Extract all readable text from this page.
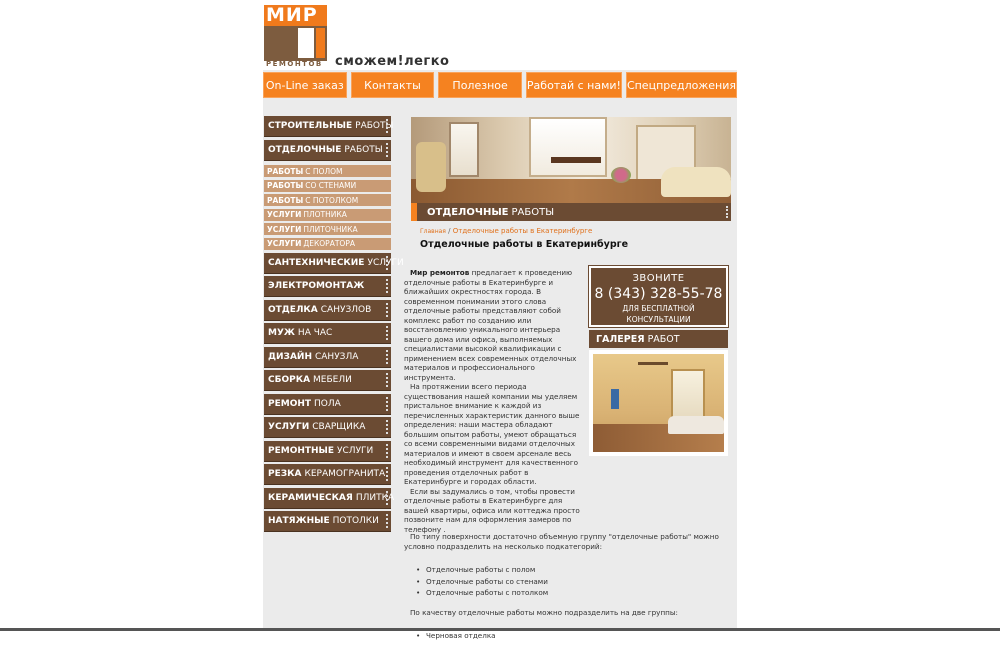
МИР
РЕМОНТОВ сможем!легко
On-Line заказ	Контакты	Полезное	Работай с нами! Спецпредложения
СТРОИТЕЛЬНЫЕ РАБОТЫ
ОТДЕЛОЧНЫЕ РАБОТЫ
РАБОТЫ С ПОЛОМ
РАБОТЫ СО СТЕНАМИ
РАБОТЫ С ПОТОЛКОМ
УСЛУГИ ПЛОТНИКА
УСЛУГИ ПЛИТОЧНИКА
УСЛУГИ ДЕКОРАТОРА
САНТЕХНИЧЕСКИЕ УСЛУГИ
ЭЛЕКТРОМОНТАЖ
ОТДЕЛКА САНУЗЛОВ
МУЖ НА ЧАС
ДИЗАЙН САНУЗЛА
СБОРКА МЕБЕЛИ
РЕМОНТ ПОЛА
УСЛУГИ СВАРЩИКА
РЕМОНТНЫЕ УСЛУГИ
РЕЗКА КЕРАМОГРАНИТА
КЕРАМИЧЕСКАЯ ПЛИТКА
НАТЯЖНЫЕ ПОТОЛКИ
ОТДЕЛОЧНЫЕ РАБОТЫ
Главная / Отделочные работы в Екатеринбурге
Отделочные работы в Екатеринбурге

Мир ремонтов предлагает к проведению отделочные работы в Екатеринбурге и ближайших окрестностях города. В современном понимании этого слова отделочные работы представляют собой комплекс работ по созданию или восстановлению уникального интерьера вашего дома или офиса, выполняемых специалистами высокой квалификации с применением всех современных отделочных материалов и профессионального инструмента.

На протяжении всего периода существования нашей компании мы уделяем пристальное внимание к каждой из перечисленных характеристик данного выше определения: наши мастера обладают большим опытом работы, умеют обращаться со всеми современными видами отделочных материалов и имеют в своем арсенале весь необходимый инструмент для качественного проведения отделочных работ в Екатеринбурге и городах области.

Если вы задумались о том, чтобы провести отделочные работы в Екатеринбурге для вашей квартиры, офиса или коттеджа просто позвоните нам для оформления замеров по телефону .

ЗВОНИТЕ
8 (343) 328-55-78
ДЛЯ БЕСПЛАТНОЙ
КОНСУЛЬТАЦИИ
ГАЛЕРЕЯ РАБОТ

По типу поверхности достаточно объемную группу "отделочные работы" можно условно подразделить на несколько подкатегорий:

• Отделочные работы с полом
• Отделочные работы со стенами
• Отделочные работы с потолком

По качеству отделочные работы можно подразделить на две группы:

• Черновая отделка
